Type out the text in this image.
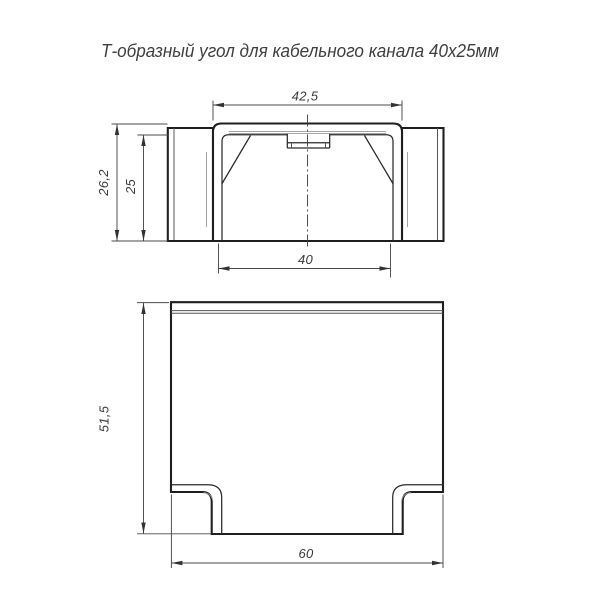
Т-образный угол для кабельного канала 40х25мм
42,5
26,2 25
40
51,5
60
